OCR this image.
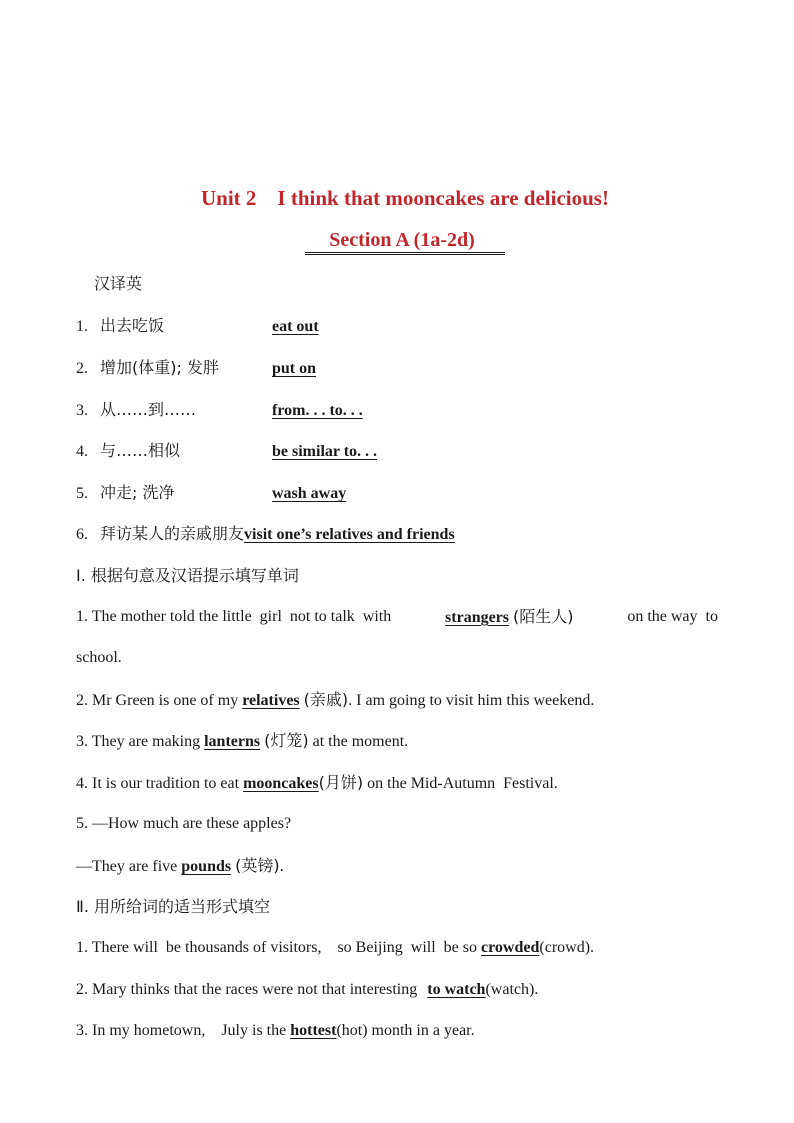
Unit 2    I think that mooncakes are delicious!
Section A (1a-2d)
汉译英
1. 出去吃饭	eat out
2. 增加(体重); 发胖	put on
3. 从……到……	from. . . to. . .
4. 与……相似	be similar to. . .
5. 冲走; 洗净	wash away
6. 拜访某人的亲戚朋友visit one’s relatives and friends
Ⅰ. 根据句意及汉语提示填写单词
1. The mother told the little  girl  not to talk  with	strangers (陌生人)	on the way  to
school.
2. Mr Green is one of my relatives (亲戚). I am going to visit him this weekend.
3. They are making lanterns (灯笼) at the moment.
4. It is our tradition to eat mooncakes(月饼) on the Mid-Autumn  Festival.
5. —How much are these apples?
—They are five pounds (英镑).
Ⅱ. 用所给词的适当形式填空
1. There will  be thousands of visitors,    so Beijing  will  be so crowded(crowd).
2. Mary thinks that the races were not that interesting to watch(watch).
3. In my hometown,    July is the hottest(hot) month in a year.
